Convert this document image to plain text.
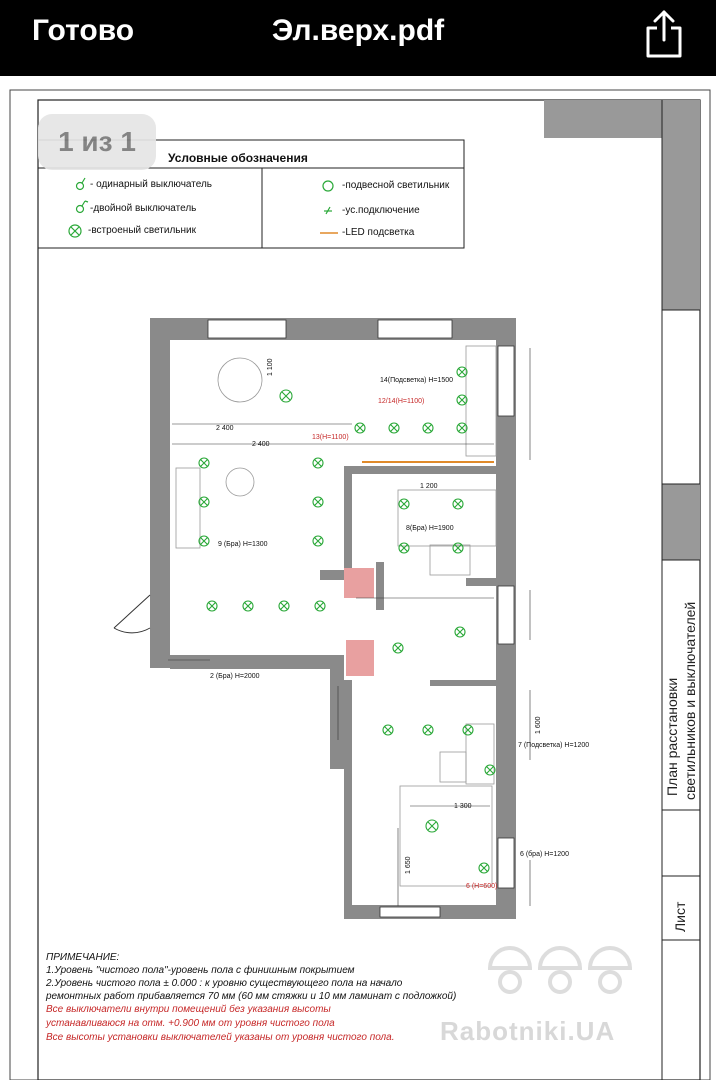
Готово	Эл.верх.pdf
14(Подсветка) Н=1500
12/14(Н=1100)
13(Н=1100)
9 (Бра) Н=1300
8(Бра) Н=1900
2 (Бра) Н=2000
7 (Подсветка) Н=1200
6 (бра) Н=1200
6 (Н=600)
2 400
2 400
1 200
1 300
1 650
1 100
1 600
Условные обозначения
- одинарный выключатель
-двойной выключатель
-встроеный светильник
-подвесной светильник
-ус.подключение
-LED подсветка
План расстановки светильников и выключателей
Лист
ПРИМЕЧАНИЕ:
1.Уровень "чистого пола"-уровень пола с финишным покрытием
2.Уровень чистого пола ± 0.000 : к уровню существующего пола на начало
ремонтных работ прибавляется 70 мм (60 мм стяжки и 10 мм ламинат с подложкой)
Все выключатели внутри помещений без указания высоты
устанавливаюся на отм. +0.900 мм от уровня чистого пола
Все высоты установки выключателей указаны от уровня чистого пола. Rabotniki.UA
1 из 1
